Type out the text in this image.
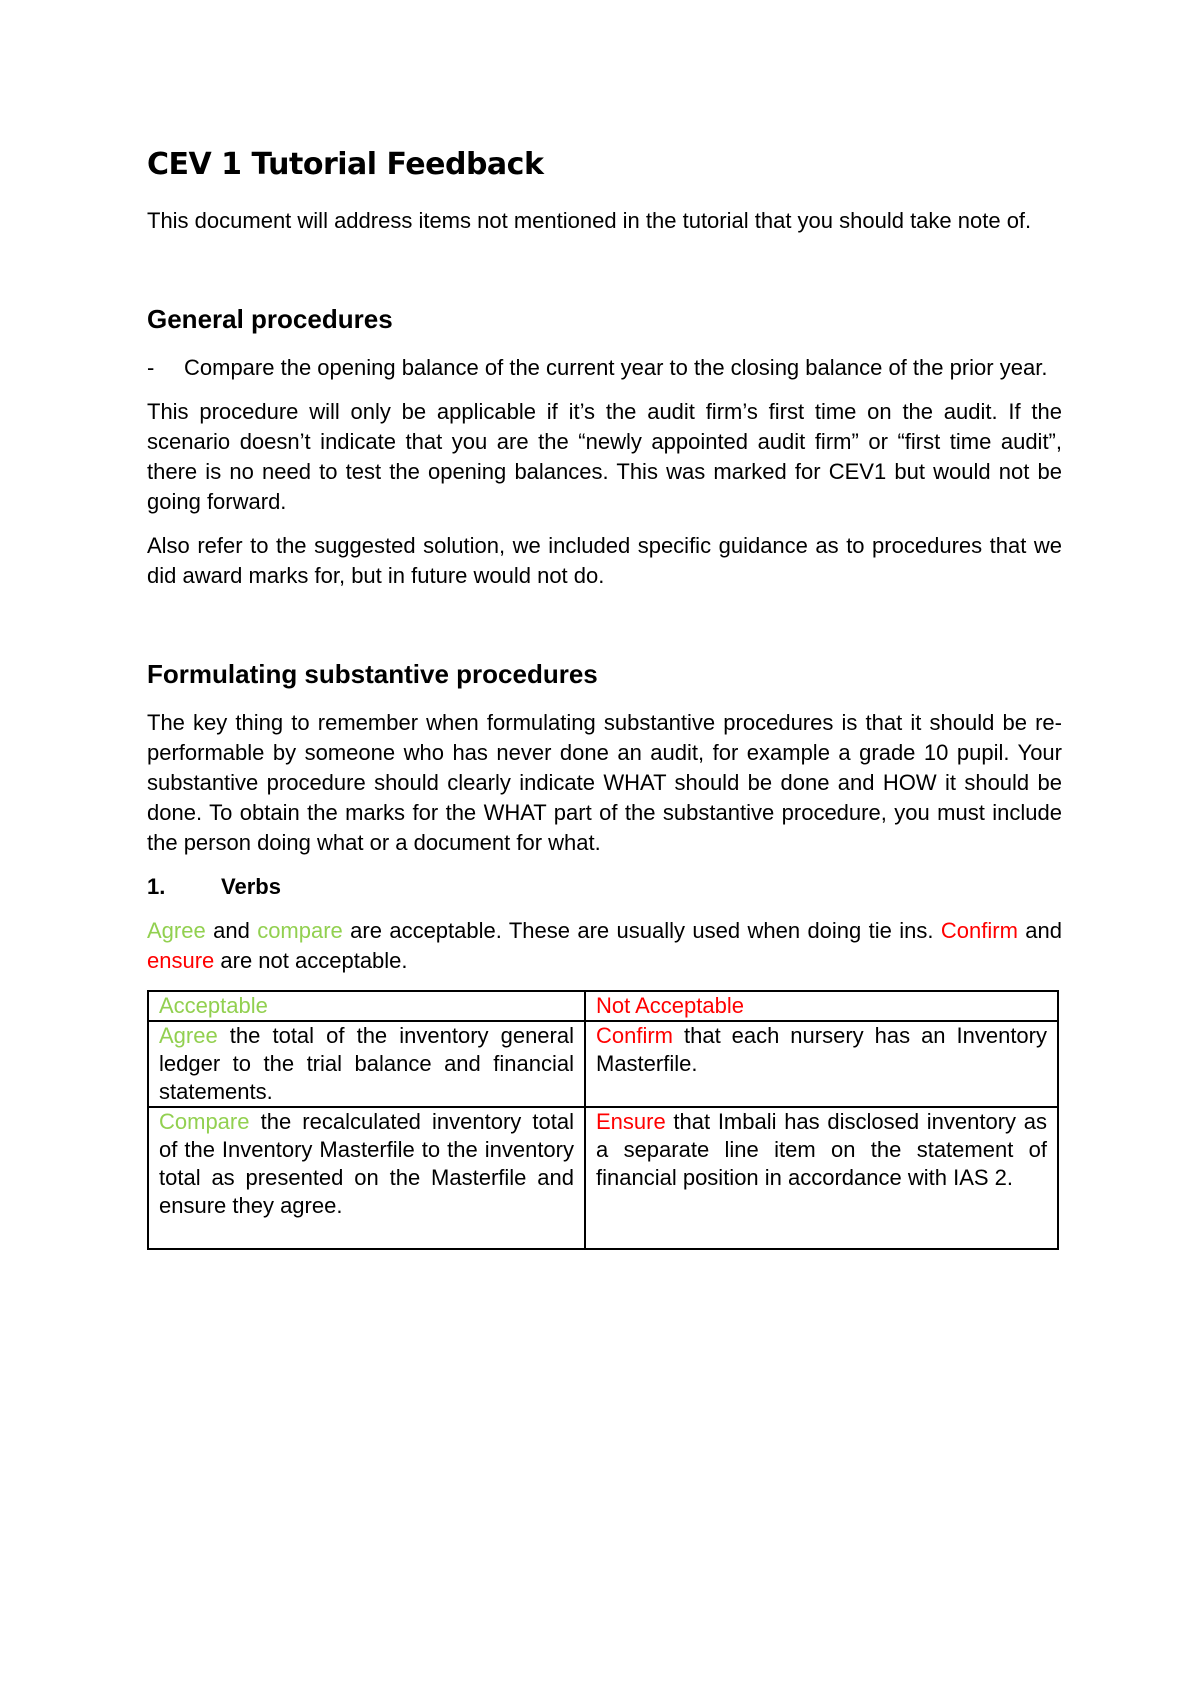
CEV 1 Tutorial Feedback

This document will address items not mentioned in the tutorial that you should take note of.

General procedures
-	Compare the opening balance of the current year to the closing balance of the prior year.

This procedure will only be applicable if it’s the audit firm’s first time on the audit. If the scenario doesn’t indicate that you are the “newly appointed audit firm” or “first time audit”, there is no need to test the opening balances. This was marked for CEV1 but would not be going forward.

Also refer to the suggested solution, we included specific guidance as to procedures that we did award marks for, but in future would not do.

Formulating substantive procedures

The key thing to remember when formulating substantive procedures is that it should be re-performable by someone who has never done an audit, for example a grade 10 pupil. Your substantive procedure should clearly indicate WHAT should be done and HOW it should be done. To obtain the marks for the WHAT part of the substantive procedure, you must include the person doing what or a document for what.

1.	Verbs

Agree and compare are acceptable. These are usually used when doing tie ins. Confirm and ensure are not acceptable.

Acceptable	Not Acceptable
Agree the total of the inventory general ledger to the trial balance and financial statements.	Confirm that each nursery has an Inventory Masterfile.
Compare the recalculated inventory total of the Inventory Masterfile to the inventory total as presented on the Masterfile and ensure they agree.	Ensure that Imbali has disclosed inventory as a separate line item on the statement of financial position in accordance with IAS 2.
